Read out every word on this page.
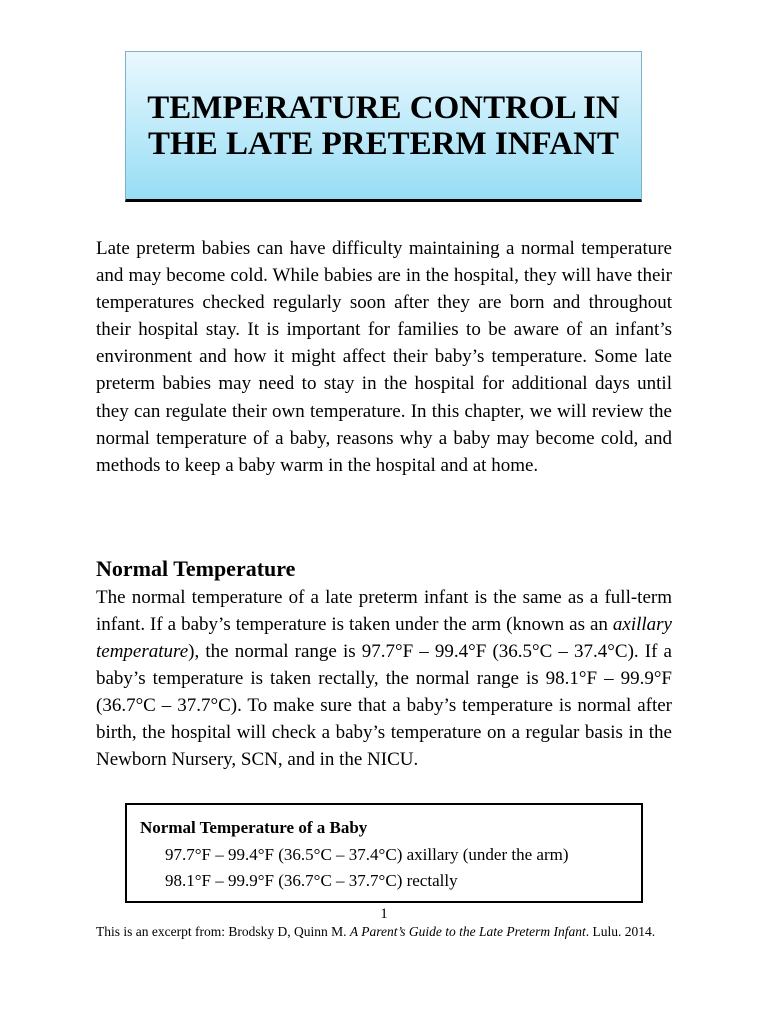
TEMPERATURE CONTROL IN THE LATE PRETERM INFANT

Late preterm babies can have difficulty maintaining a normal temperature and may become cold. While babies are in the hospital, they will have their temperatures checked regularly soon after they are born and throughout their hospital stay. It is important for families to be aware of an infant’s environment and how it might affect their baby’s temperature. Some late preterm babies may need to stay in the hospital for additional days until they can regulate their own temperature. In this chapter, we will review the normal temperature of a baby, reasons why a baby may become cold, and methods to keep a baby warm in the hospital and at home.

Normal Temperature

The normal temperature of a late preterm infant is the same as a full-term infant. If a baby’s temperature is taken under the arm (known as an axillary temperature), the normal range is 97.7°F – 99.4°F (36.5°C – 37.4°C). If a baby’s temperature is taken rectally, the normal range is 98.1°F – 99.9°F (36.7°C – 37.7°C). To make sure that a baby’s temperature is normal after birth, the hospital will check a baby’s temperature on a regular basis in the Newborn Nursery, SCN, and in the NICU.

Normal Temperature of a Baby
97.7°F – 99.4°F (36.5°C – 37.4°C) axillary (under the arm)
98.1°F – 99.9°F (36.7°C – 37.7°C) rectally
1

This is an excerpt from: Brodsky D, Quinn M. A Parent’s Guide to the Late Preterm Infant. Lulu. 2014.
